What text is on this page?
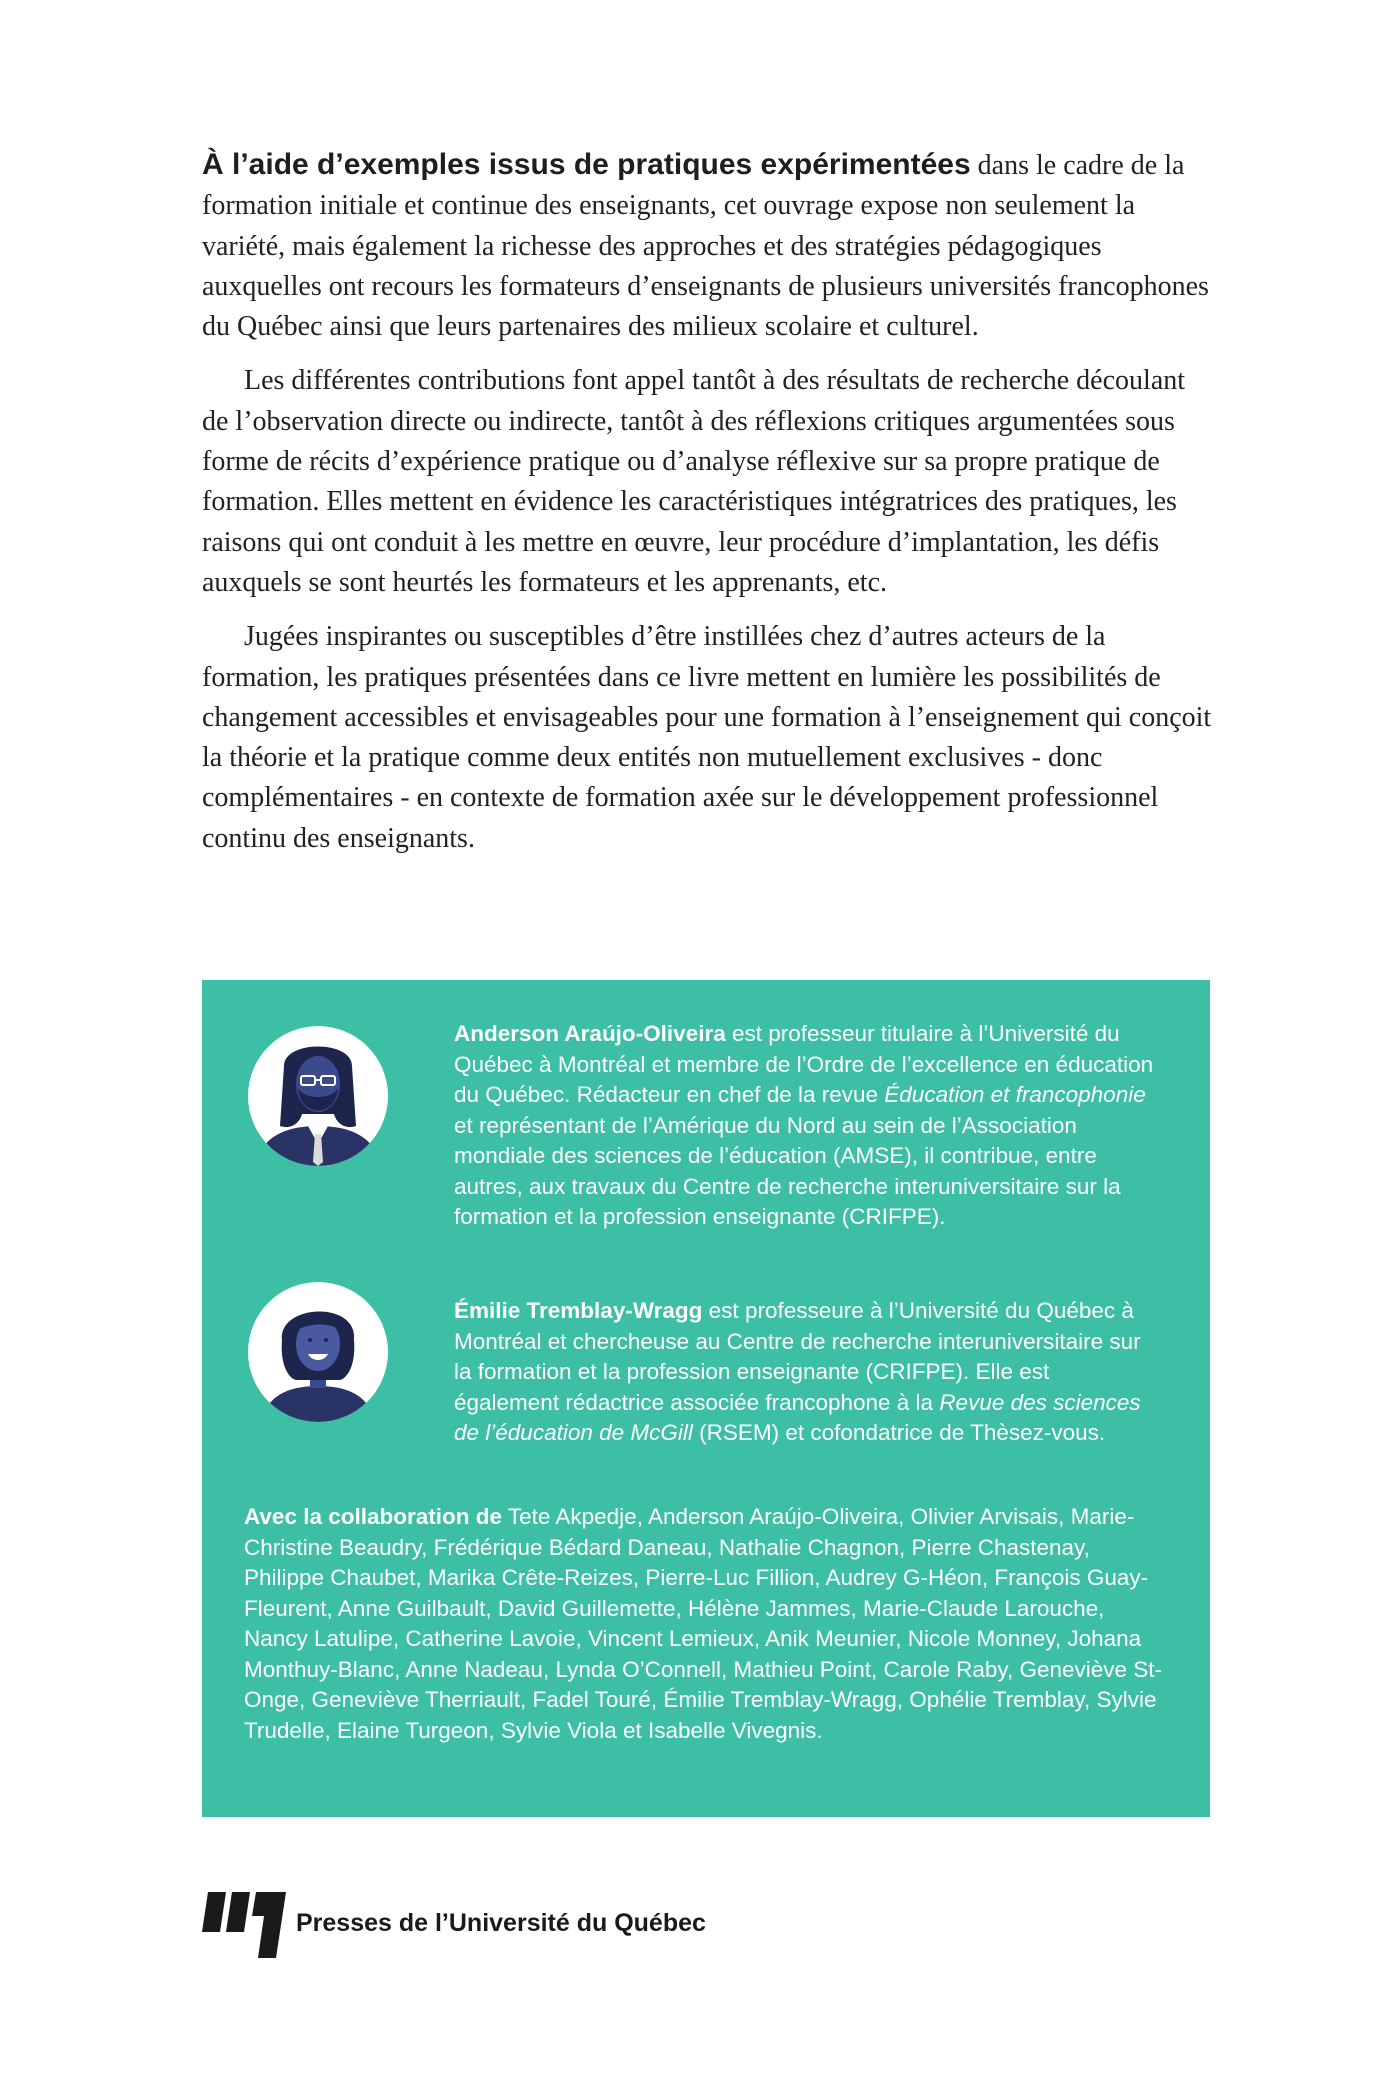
À l’aide d’exemples issus de pratiques expérimentées dans le cadre de la formation initiale et continue des enseignants, cet ouvrage expose non seulement la variété, mais également la richesse des approches et des stratégies pédagogiques auxquelles ont recours les formateurs d’enseignants de plusieurs universités francophones du Québec ainsi que leurs partenaires des milieux scolaire et culturel.

Les différentes contributions font appel tantôt à des résultats de recherche découlant de l’observation directe ou indirecte, tantôt à des réflexions critiques argumentées sous forme de récits d’expérience pratique ou d’analyse réflexive sur sa propre pratique de formation. Elles mettent en évidence les caractéristiques intégratrices des pratiques, les raisons qui ont conduit à les mettre en œuvre, leur procédure d’implantation, les défis auxquels se sont heurtés les formateurs et les apprenants, etc.

Jugées inspirantes ou susceptibles d’être instillées chez d’autres acteurs de la formation, les pratiques présentées dans ce livre mettent en lumière les possibilités de changement accessibles et envisageables pour une formation à l’enseignement qui conçoit la théorie et la pratique comme deux entités non mutuellement exclusives - donc complémentaires - en contexte de formation axée sur le développement professionnel continu des enseignants.

Anderson Araújo-Oliveira est professeur titulaire à l’Université du Québec à Montréal et membre de l’Ordre de l’excellence en éducation du Québec. Rédacteur en chef de la revue Éducation et francophonie et représentant de l’Amérique du Nord au sein de l’Association mondiale des sciences de l’éducation (AMSE), il contribue, entre autres, aux travaux du Centre de recherche interuniversitaire sur la formation et la profession enseignante (CRIFPE).

Émilie Tremblay-Wragg est professeure à l’Université du Québec à Montréal et chercheuse au Centre de recherche interuniversitaire sur la formation et la profession enseignante (CRIFPE). Elle est également rédactrice associée francophone à la Revue des sciences de l’éducation de McGill (RSEM) et cofondatrice de Thèsez-vous.

Avec la collaboration de Tete Akpedje, Anderson Araújo-Oliveira, Olivier Arvisais, Marie-Christine Beaudry, Frédérique Bédard Daneau, Nathalie Chagnon, Pierre Chastenay, Philippe Chaubet, Marika Crête-Reizes, Pierre-Luc Fillion, Audrey G-Héon, François Guay-Fleurent, Anne Guilbault, David Guillemette, Hélène Jammes, Marie-Claude Larouche, Nancy Latulipe, Catherine Lavoie, Vincent Lemieux, Anik Meunier, Nicole Monney, Johana Monthuy-Blanc, Anne Nadeau, Lynda O’Connell, Mathieu Point, Carole Raby, Geneviève St-Onge, Geneviève Therriault, Fadel Touré, Émilie Tremblay-Wragg, Ophélie Tremblay, Sylvie Trudelle, Elaine Turgeon, Sylvie Viola et Isabelle Vivegnis.

Presses de l’Université du Québec
